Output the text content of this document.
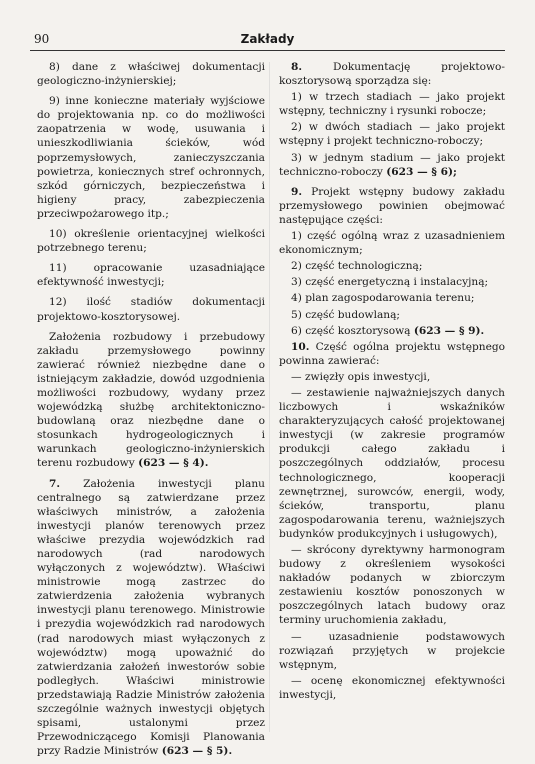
90	Zakłady

8) dane z właściwej dokumentacji geologiczno-inżynierskiej;

9) inne konieczne materiały wyjściowe do projektowania np. co do możliwości zaopatrzenia w wodę, usuwania i unieszkodliwiania ścieków, wód poprzemysłowych, zanieczyszczania powietrza, koniecznych stref ochronnych, szkód górniczych, bezpieczeństwa i higieny pracy, zabezpieczenia przeciwpożarowego itp.;

10) określenie orientacyjnej wielkości potrzebnego terenu;

11) opracowanie uzasadniające efektywność inwestycji;

12) ilość stadiów dokumentacji projektowo-kosztorysowej.

Założenia rozbudowy i przebudowy zakładu przemysłowego powinny zawierać również niezbędne dane o istniejącym zakładzie, dowód uzgodnienia możliwości rozbudowy, wydany przez wojewódzką służbę architektoniczno-budowlaną oraz niezbędne dane o stosunkach hydrogeologicznych i warunkach geologiczno-inżynierskich terenu rozbudowy (623 — § 4).

7. Założenia inwestycji planu centralnego są zatwierdzane przez właściwych ministrów, a założenia inwestycji planów terenowych przez właściwe prezydia wojewódzkich rad narodowych (rad narodowych wyłączonych z województw). Właściwi ministrowie mogą zastrzec do zatwierdzenia założenia wybranych inwestycji planu terenowego. Ministrowie i prezydia wojewódzkich rad narodowych (rad narodowych miast wyłączonych z województw) mogą upoważnić do zatwierdzania założeń inwestorów sobie podległych. Właściwi ministrowie przedstawiają Radzie Ministrów założenia szczególnie ważnych inwestycji objętych spisami, ustalonymi przez Przewodniczącego Komisji Planowania przy Radzie Ministrów (623 — § 5).

8.	Dokumentację projektowo-kosztorysową sporządza się:

1) w trzech stadiach — jako projekt wstępny, techniczny i rysunki robocze;

2) w dwóch stadiach — jako projekt wstępny i projekt techniczno-roboczy;

3) w jednym stadium — jako projekt techniczno-roboczy (623 — § 6);

9. Projekt wstępny budowy zakładu przemysłowego powinien obejmować następujące części:

1) część ogólną wraz z uzasadnieniem ekonomicznym;

2) część technologiczną;

3) część energetyczną i instalacyjną;

4) plan zagospodarowania terenu;

5) część budowlaną;

6) część kosztorysową (623 — § 9).

10. Część ogólna projektu wstępnego powinna zawierać:

— zwięzły opis inwestycji,

— zestawienie najważniejszych danych liczbowych i wskaźników charakteryzujących całość projektowanej inwestycji (w zakresie programów produkcji całego zakładu i poszczególnych oddziałów, procesu technologicznego, kooperacji zewnętrznej, surowców, energii, wody, ścieków, transportu, planu zagospodarowania terenu, ważniejszych budynków produkcyjnych i usługowych),

— skrócony dyrektywny harmonogram budowy z określeniem wysokości nakładów podanych w zbiorczym zestawieniu kosztów ponoszonych w poszczególnych latach budowy oraz terminy uruchomienia zakładu,

— uzasadnienie podstawowych rozwiązań przyjętych w projekcie wstępnym,

— ocenę ekonomicznej efektywności inwestycji,
